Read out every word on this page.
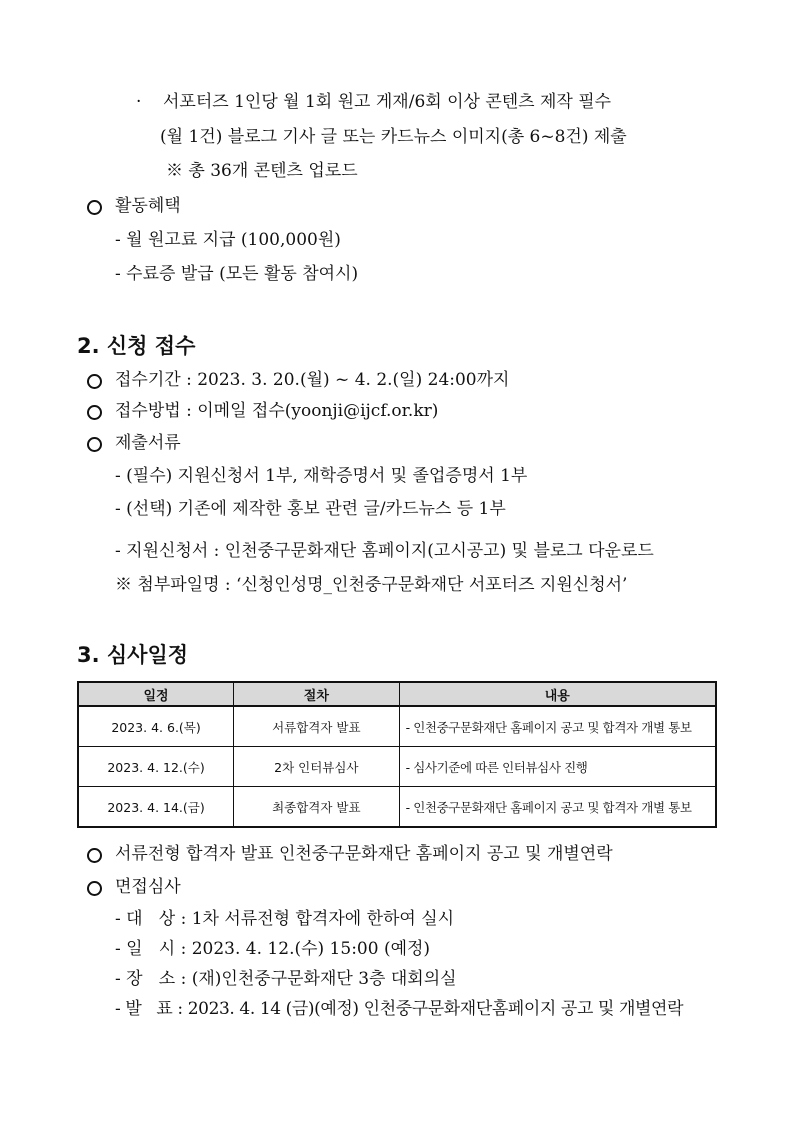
· 서포터즈 1인당 월 1회 원고 게재/6회 이상 콘텐츠 제작 필수
(월 1건) 블로그 기사 글 또는 카드뉴스 이미지(총 6~8건) 제출
※ 총 36개 콘텐츠 업로드
활동혜택
- 월 원고료 지급 (100,000원)
- 수료증 발급 (모든 활동 참여시)
2. 신청 접수
접수기간 : 2023. 3. 20.(월) ~ 4. 2.(일) 24:00까지
접수방법 : 이메일 접수(yoonji@ijcf.or.kr)
제출서류
- (필수) 지원신청서 1부, 재학증명서 및 졸업증명서 1부
- (선택) 기존에 제작한 홍보 관련 글/카드뉴스 등 1부
- 지원신청서 : 인천중구문화재단 홈페이지(고시공고) 및 블로그 다운로드
※ 첨부파일명 : ‘신청인성명_인천중구문화재단 서포터즈 지원신청서’
3. 심사일정
일정	절차	내용
2023. 4. 6.(목)	서류합격자 발표	- 인천중구문화재단 홈페이지 공고 및 합격자 개별 통보
2023. 4. 12.(수)	2차 인터뷰심사	- 심사기준에 따른 인터뷰심사 진행
2023. 4. 14.(금)	최종합격자 발표	- 인천중구문화재단 홈페이지 공고 및 합격자 개별 통보
서류전형 합격자 발표 인천중구문화재단 홈페이지 공고 및 개별연락
면접심사
- 대   상 : 1차 서류전형 합격자에 한하여 실시
- 일   시 : 2023. 4. 12.(수) 15:00 (예정)
- 장   소 : (재)인천중구문화재단 3층 대회의실
- 발   표 : 2023. 4. 14 (금)(예정) 인천중구문화재단홈페이지 공고 및 개별연락
